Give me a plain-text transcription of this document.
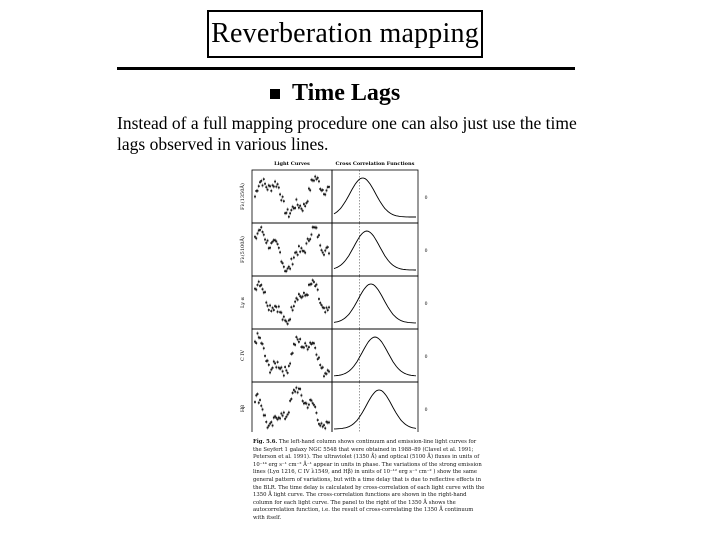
Reverberation mapping
Time Lags
Instead of a full mapping procedure one can also just use the time lags observed in various lines.
Light Curves	Cross Correlation Functions
Fλ(1350Å)	0
Fλ(5100Å)	0
Ly α	0
C IV	0
Hβ	0
Fig. 5.6. The left-hand column shows continuum and emission-line light curves for the Seyfert 1 galaxy NGC 5548 that were obtained in 1988–89 (Clavel et al. 1991; Peterson et al. 1991). The ultraviolet (1350 Å) and optical (5100 Å) fluxes in units of 10⁻¹⁴ erg s⁻¹ cm⁻² Å⁻¹ appear in units in phase. The variations of the strong emission lines (Lyα 1216, C IV λ1549, and Hβ) in units of 10⁻¹² erg s⁻¹ cm⁻² ) show the same general pattern of variations, but with a time delay that is due to reflective effects in the BLR. The time delay is calculated by cross-correlation of each light curve with the 1350 Å light curve. The cross-correlation functions are shown in the right-hand column for each light curve. The panel to the right of the 1350 Å shows the autocorrelation function, i.e. the result of cross-correlating the 1350 Å continuum with itself.
